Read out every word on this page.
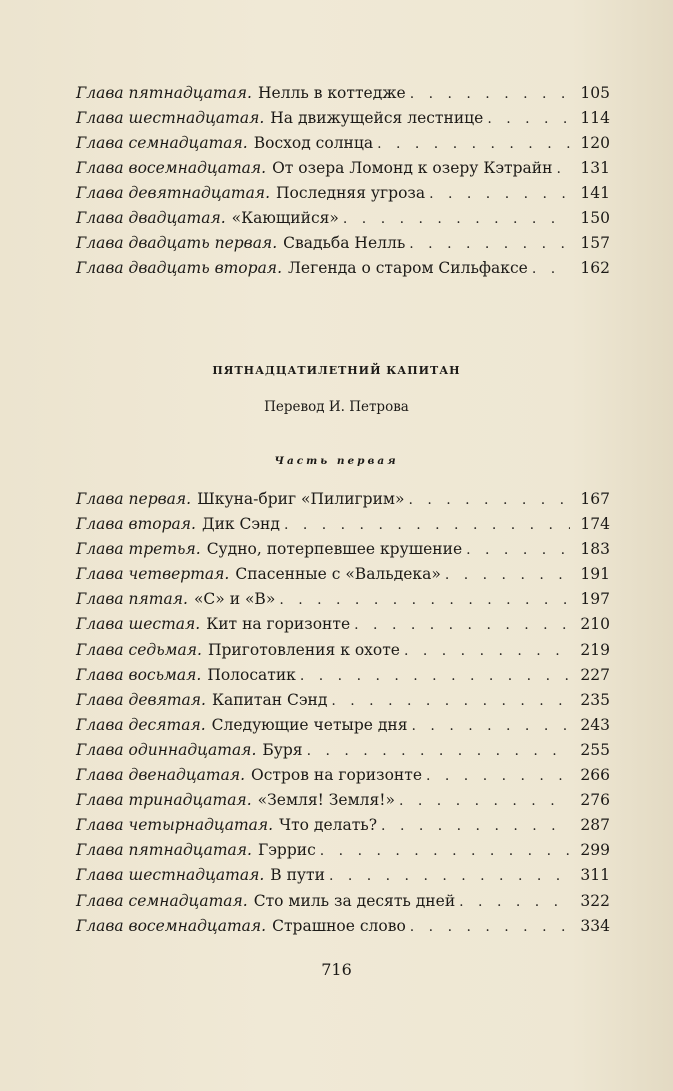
Глава пятнадцатая. Нелль в коттедже . . .	105
Глава шестнадцатая. На движущейся лестнице . . .	114
Глава семнадцатая. Восход солнца . . .	120
Глава восемнадцатая. От озера Ломонд к озеру Кэтрайн . . .	131
Глава девятнадцатая. Последняя угроза . . .	141
Глава двадцатая. «Кающийся» . . .	150
Глава двадцать первая. Свадьба Нелль . . .	157
Глава двадцать вторая. Легенда о старом Сильфаксе . . .	162
ПЯТНАДЦАТИЛЕТНИЙ КАПИТАН
Перевод И. Петрова
Часть первая
Глава первая. Шкуна-бриг «Пилигрим» . . .	167
Глава вторая. Дик Сэнд . . .	174
Глава третья. Судно, потерпевшее крушение . . .	183
Глава четвертая. Спасенные с «Вальдека» . . .	191
Глава пятая. «С» и «В» . . .	197
Глава шестая. Кит на горизонте . . .	210
Глава седьмая. Приготовления к охоте . . .	219
Глава восьмая. Полосатик . . .	227
Глава девятая. Капитан Сэнд . . .	235
Глава десятая. Следующие четыре дня . . .	243
Глава одиннадцатая. Буря . . .	255
Глава двенадцатая. Остров на горизонте . . .	266
Глава тринадцатая. «Земля! Земля!» . . .	276
Глава четырнадцатая. Что делать? . . .	287
Глава пятнадцатая. Гэррис . . .	299
Глава шестнадцатая. В пути . . .	311
Глава семнадцатая. Сто миль за десять дней . . .	322
Глава восемнадцатая. Страшное слово . . .	334
716
